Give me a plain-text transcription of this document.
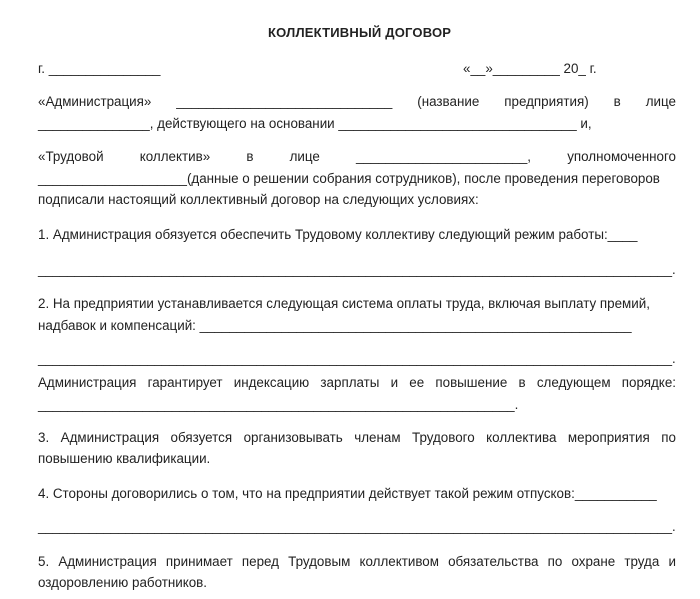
КОЛЛЕКТИВНЫЙ ДОГОВОР
г. _______________	«__»_________ 20_ г.
«Администрация» _____________________________ (название предприятия) в лице
_______________, действующего на основании ________________________________ и,
«Трудовой	коллектив»	в	лице	_______________________,	уполномоченного
____________________(данные о решении собрания сотрудников), после проведения переговоров
подписали настоящий коллективный договор на следующих условиях:
1. Администрация обязуется обеспечить Трудовому коллективу следующий режим работы:____
_______________________________________________________________________________________.
2. На предприятии устанавливается следующая система оплаты труда, включая выплату премий,
надбавок и компенсаций: __________________________________________________________
_______________________________________________________________________________________.
Администрация гарантирует индексацию зарплаты и ее повышение в следующем порядке:
________________________________________________________________.
3. Администрация обязуется организовывать членам Трудового коллектива мероприятия по
повышению квалификации.
4. Стороны договорились о том, что на предприятии действует такой режим отпусков:___________
_______________________________________________________________________________________.
5. Администрация принимает перед Трудовым коллективом обязательства по охране труда и
оздоровлению работников.
